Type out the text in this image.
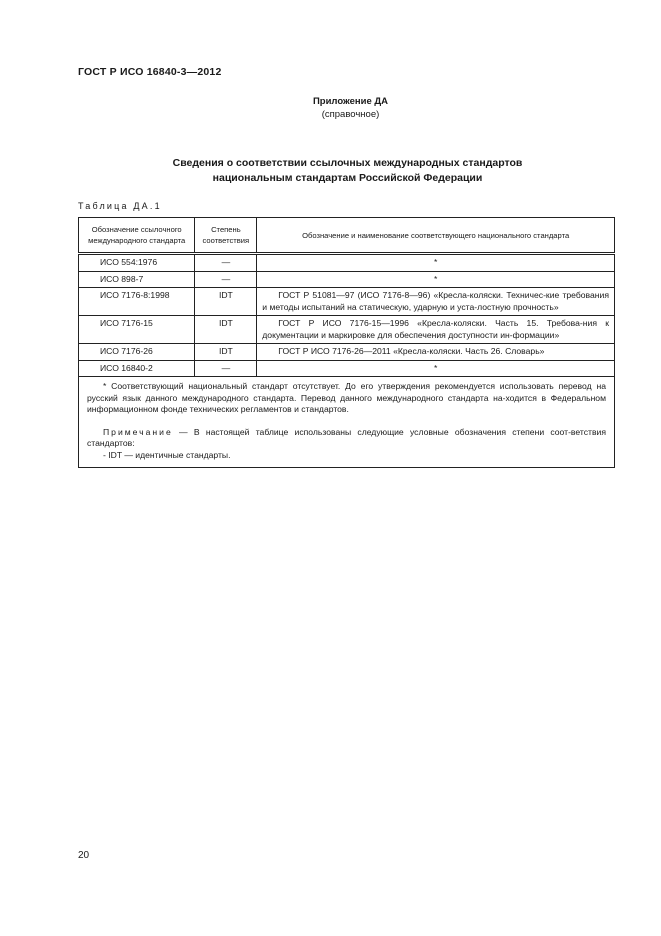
ГОСТ Р ИСО 16840-3—2012
Приложение ДА
(справочное)
Сведения о соответствии ссылочных международных стандартов
национальным стандартам Российской Федерации
Таблица ДА.1
Обозначение ссылочного международного стандарта	Степень соответствия	Обозначение и наименование соответствующего национального стандарта
ИСО 554:1976	—	*
ИСО 898-7	—	*
ИСО 7176-8:1998	IDT	ГОСТ Р 51081—97 (ИСО 7176-8—96) «Кресла-коляски. Техничес-кие требования и методы испытаний на статическую, ударную и уста-лостную прочность»

ИСО 7176-15	IDT	ГОСТ Р ИСО 7176-15—1996 «Кресла-коляски. Часть 15. Требова-ния к документации и маркировке для обеспечения доступности ин-формации»

ИСО 7176-26	IDT	ГОСТ Р ИСО 7176-26—2011 «Кресла-коляски. Часть 26. Словарь»

ИСО 16840-2	—	*

* Соответствующий национальный стандарт отсутствует. До его утверждения рекомендуется использовать перевод на русский язык данного международного стандарта. Перевод данного международного стандарта на-ходится в Федеральном информационном фонде технических регламентов и стандартов.
Примечание — В настоящей таблице использованы следующие условные обозначения степени соот-ветствия стандартов:
- IDT — идентичные стандарты.		
20
